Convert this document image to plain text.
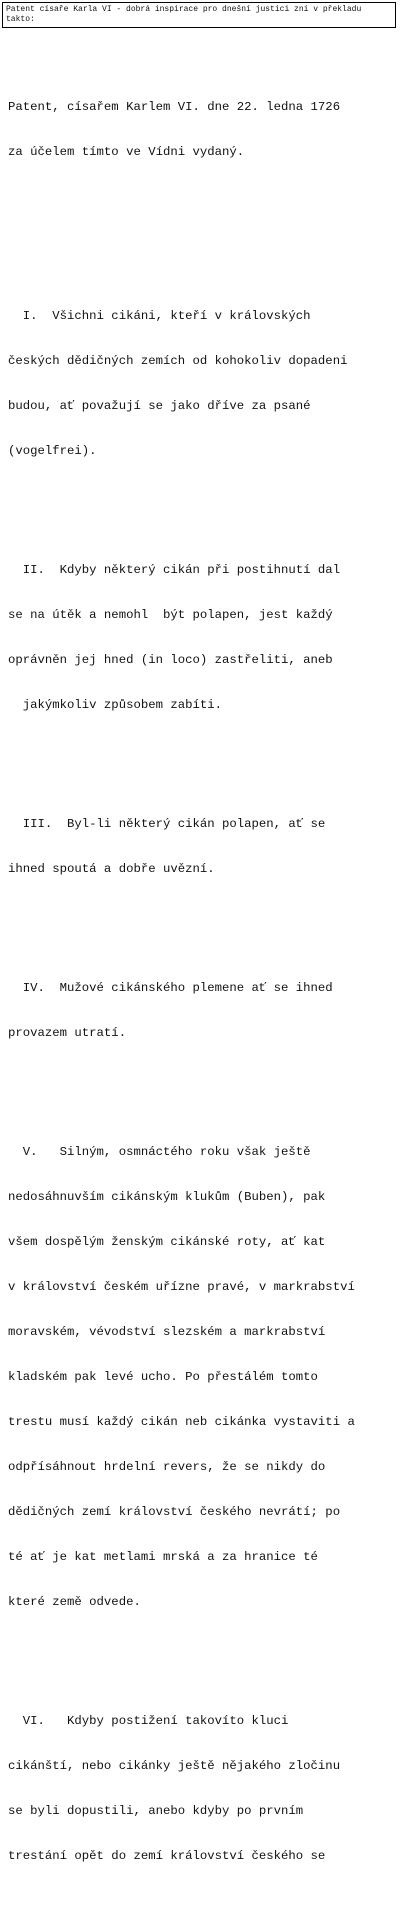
Patent císaře Karla VI - dobrá inspirace pro dnešní justici zní v překladu
takto:

Patent, císařem Karlem VI. dne 22. ledna 1726

za účelem tímto ve Vídni vydaný.

I.  Všichni cikáni, kteří v královských

českých dědičných zemích od kohokoliv dopadeni

budou, ať považují se jako dříve za psané

(vogelfrei).

II.  Kdyby některý cikán při postihnutí dal

se na útěk a nemohl  být polapen, jest každý

oprávněn jej hned (in loco) zastřeliti, aneb

jakýmkoliv způsobem zabíti.

III.  Byl-li některý cikán polapen, ať se

ihned spoutá a dobře uvězní.

IV.  Mužové cikánského plemene ať se ihned

provazem utratí.

V.   Silným, osmnáctého roku však ještě

nedosáhnuvším cikánským klukům (Buben), pak

všem dospělým ženským cikánské roty, ať kat

v království českém uřízne pravé, v markrabství

moravském, vévodství slezském a markrabství

kladském pak levé ucho. Po přestálém tomto

trestu musí každý cikán neb cikánka vystaviti a

odpřísáhnout hrdelní revers, že se nikdy do

dědičných zemí království českého nevrátí; po

té ať je kat metlami mrská a za hranice té

které země odvede.

VI.   Kdyby postižení takovíto kluci

cikánští, nebo cikánky ještě nějakého zločinu

se byli dopustili, anebo kdyby po prvním

trestání opět do zemí království českého se
